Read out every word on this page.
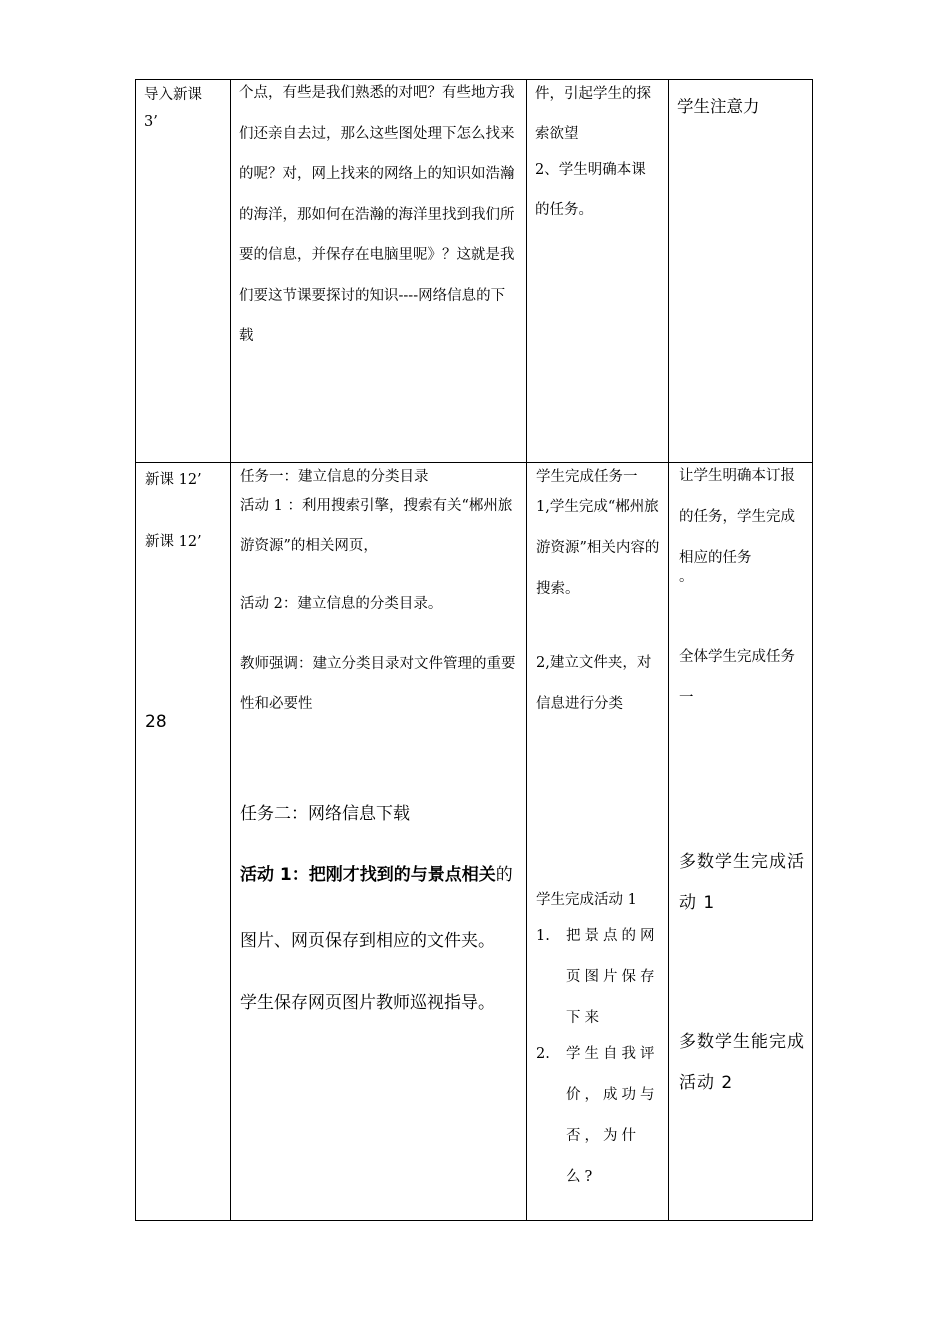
导入新课

3’

个点，有些是我们熟悉的对吧？有些地方我们还亲自去过，那么这些图处理下怎么找来的呢？对，网上找来的网络上的知识如浩瀚的海洋，那如何在浩瀚的海洋里找到我们所要的信息，并保存在电脑里呢》？这就是我们要这节课要探讨的知识----网络信息的下载

件，引起学生的探索欲望

2、学生明确本课的任务。

学生注意力

新课 12’

新课 12’

28

任务一：建立信息的分类目录

活动 1 ：利用搜索引擎，搜索有关“郴州旅游资源”的相关网页，

活动 2：建立信息的分类目录。

教师强调：建立分类目录对文件管理的重要性和必要性

任务二：网络信息下载

活动 1：把刚才找到的与景点相关的图片、网页保存到相应的文件夹。

学生保存网页图片教师巡视指导。

学生完成任务一

1,学生完成“郴州旅游资源”相关内容的搜索。

2,建立文件夹，对信息进行分类

学生完成活动 1

1. 把景点的网页图片保存下来
2. 学生自我评价，成功与否，为什么?

让学生明确本订报的任务，学生完成相应的任务

。

全体学生完成任务一

多数学生完成活动 1

多数学生能完成活动 2
